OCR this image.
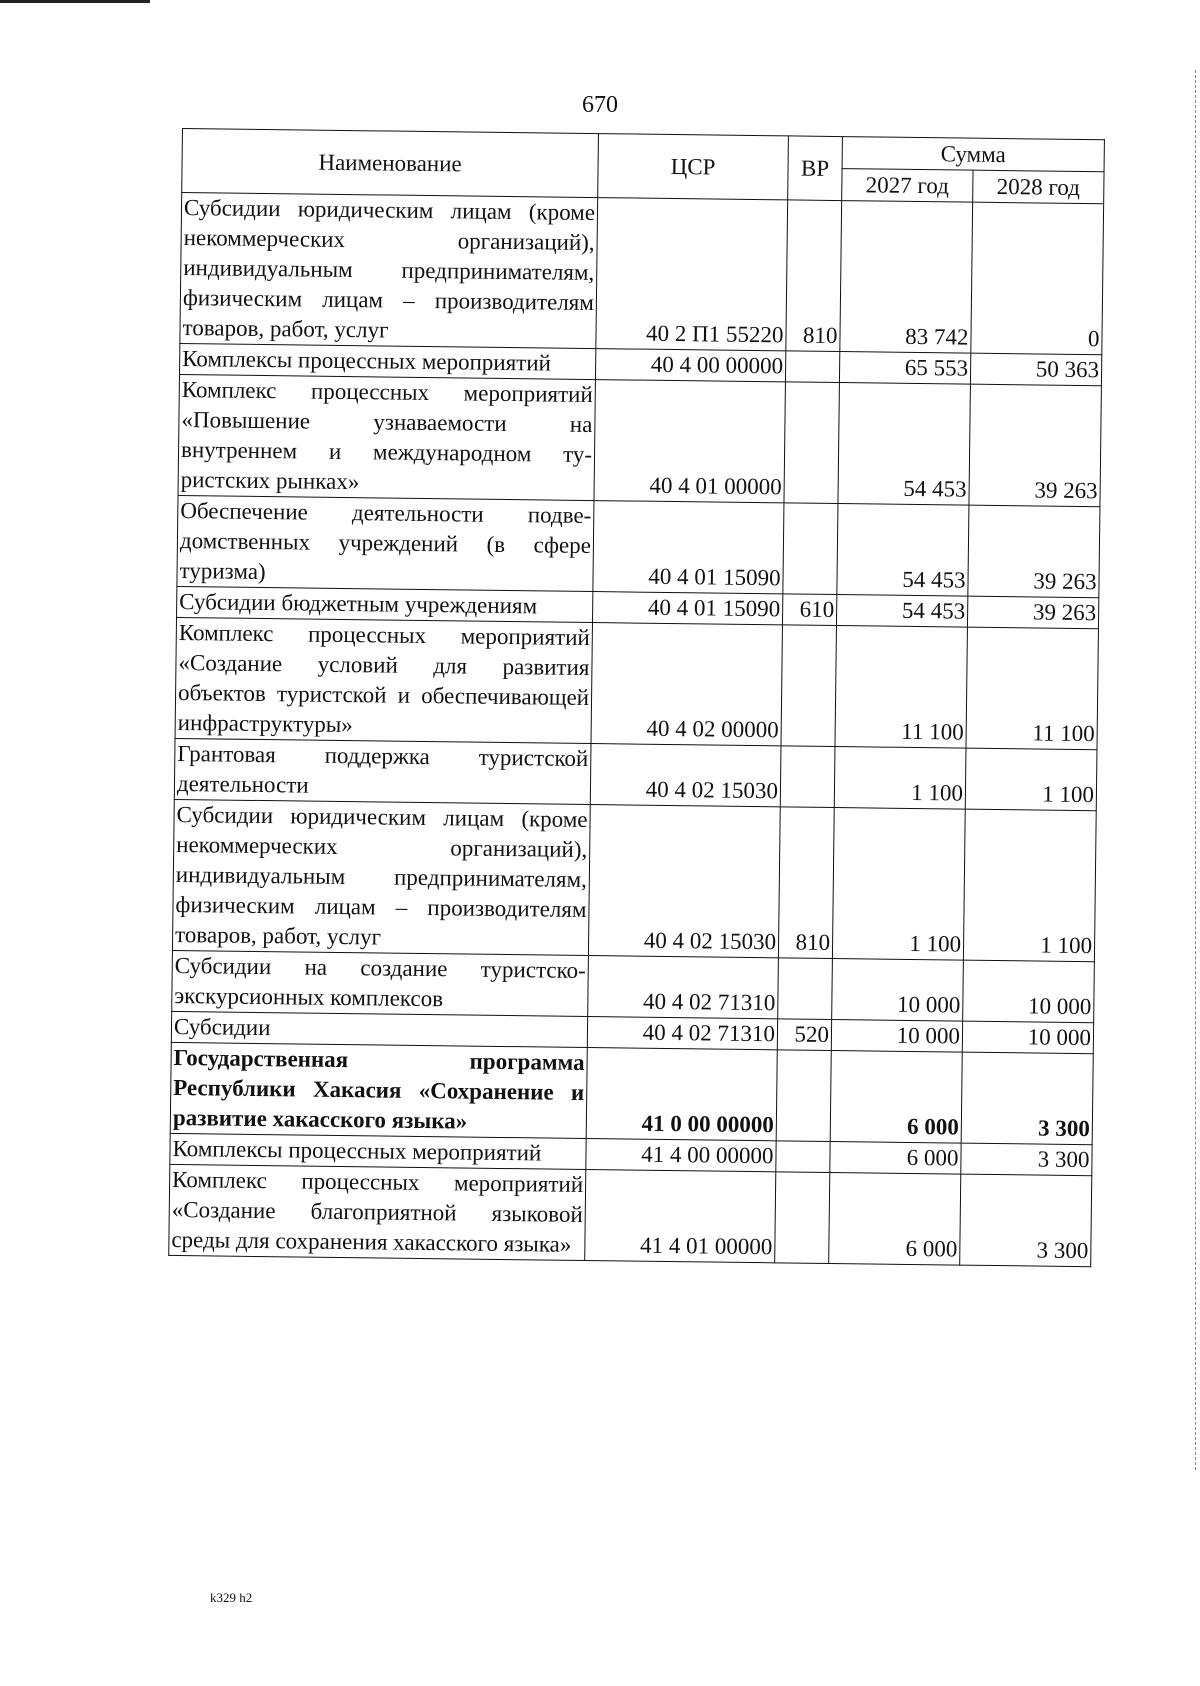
670
Наименование	ЦСР	ВР	Сумма	
			2027 год	2028 год
Субсидии юридическим лицам (кроме некоммерческих организаций), индивидуальным предпринимателям, физическим лицам – производителям товаров, работ, услуг	40 2 П1 55220	810	83 742	0
Комплексы процессных мероприятий	40 4 00 00000		65 553	50 363
Комплекс процессных мероприятий «Повышение узнаваемости на внутреннем и международном туристских рынках»	40 4 01 00000		54 453	39 263
Обеспечение деятельности подведомственных учреждений (в сфере туризма)	40 4 01 15090		54 453	39 263
Субсидии бюджетным учреждениям	40 4 01 15090	610	54 453	39 263
Комплекс процессных мероприятий «Создание условий для развития объектов туристской и обеспечивающей инфраструктуры»	40 4 02 00000		11 100	11 100
Грантовая поддержка туристской деятельности	40 4 02 15030		1 100	1 100
Субсидии юридическим лицам (кроме некоммерческих организаций), индивидуальным предпринимателям, физическим лицам – производителям товаров, работ, услуг	40 4 02 15030	810	1 100	1 100
Субсидии на создание туристско-экскурсионных комплексов	40 4 02 71310		10 000	10 000
Субсидии	40 4 02 71310	520	10 000	10 000
Государственная программа Республики Хакасия «Сохранение и развитие хакасского языка»	41 0 00 00000		6 000	3 300
Комплексы процессных мероприятий	41 4 00 00000		6 000	3 300
Комплекс процессных мероприятий «Создание благоприятной языковой среды для сохранения хакасского языка»	41 4 01 00000		6 000	3 300
k329 h2
